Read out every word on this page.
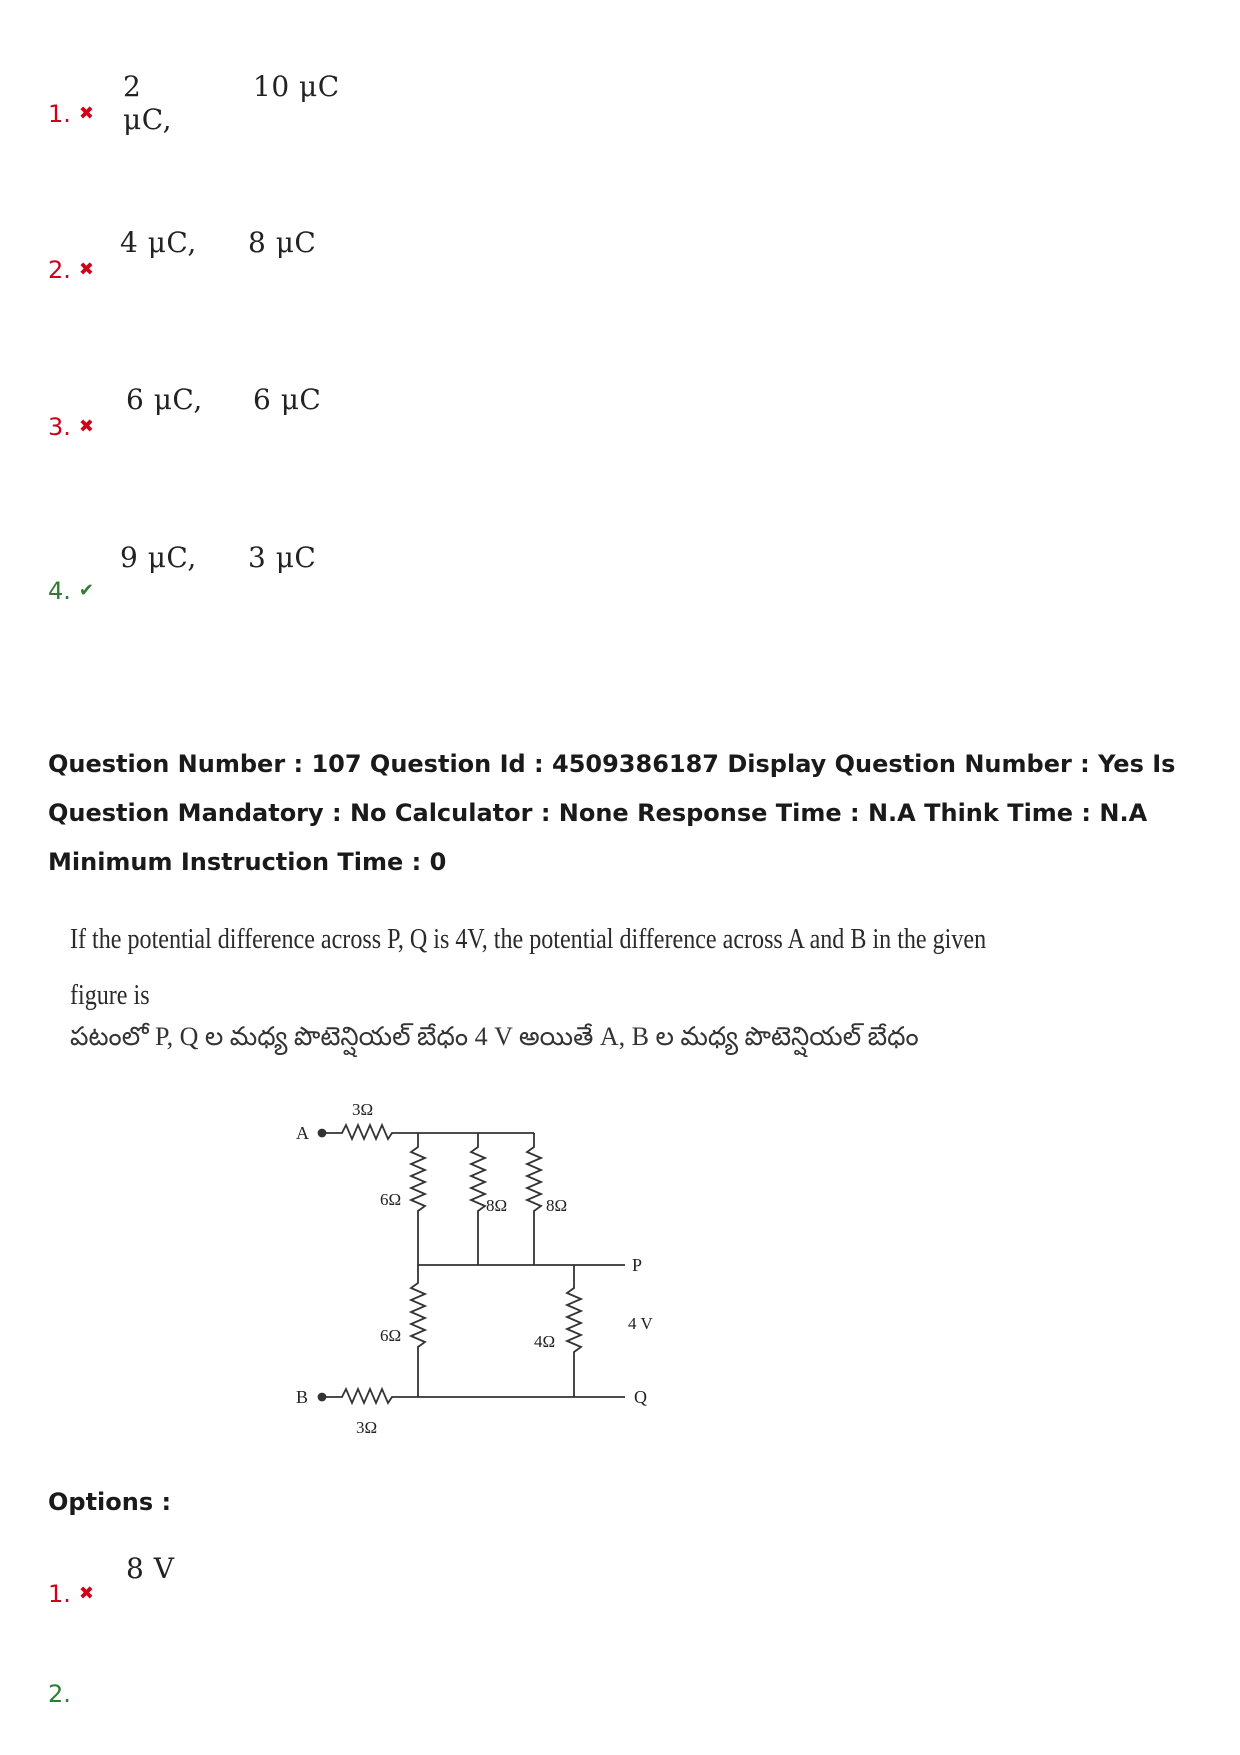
1. ✖
2 μC,
10 μC
2. ✖
4 μC, 8 μC
3. ✖
6 μC, 6 μC
4. ✔
9 μC, 3 μC
Question Number : 107 Question Id : 4509386187 Display Question Number : Yes Is Question Mandatory : No Calculator : None Response Time : N.A Think Time : N.A Minimum Instruction Time : 0
If the potential difference across P, Q is 4V, the potential difference across A and B in the given
figure is
పటంలో P, Q ల మధ్య పొటెన్షియల్ బేధం 4 V అయితే A, B ల మధ్య పొటెన్షియల్ బేధం
A
B
P
Q
3Ω
3Ω
6Ω	8Ω 8Ω
6Ω	4Ω
4 V
Options :
1. ✖
8 V
2.
